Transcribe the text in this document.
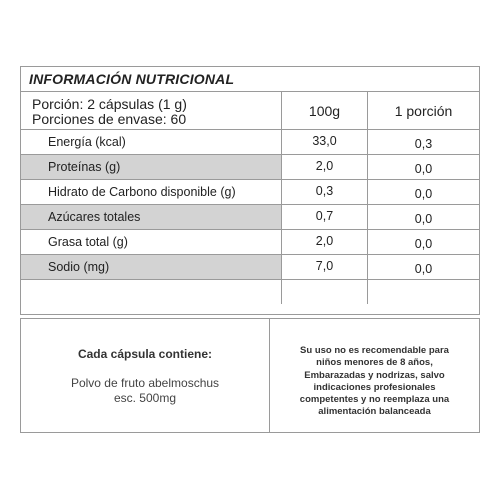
INFORMACIÓN NUTRICIONAL
Porción: 2 cápsulas (1 g)
Porciones de envase: 60	100g	1 porción
Energía (kcal)	33,0	0,3
Proteínas (g)	2,0	0,0
Hidrato de Carbono disponible (g)	0,3	0,0
Azúcares totales	0,7	0,0
Grasa total (g)	2,0	0,0
Sodio (mg)	7,0	0,0
Cada cápsula contiene:
Polvo de fruto abelmoschus
esc. 500mg
Su uso no es recomendable para
niños menores de 8 años,
Embarazadas y nodrizas, salvo
indicaciones profesionales
competentes y no reemplaza una
alimentación balanceada
